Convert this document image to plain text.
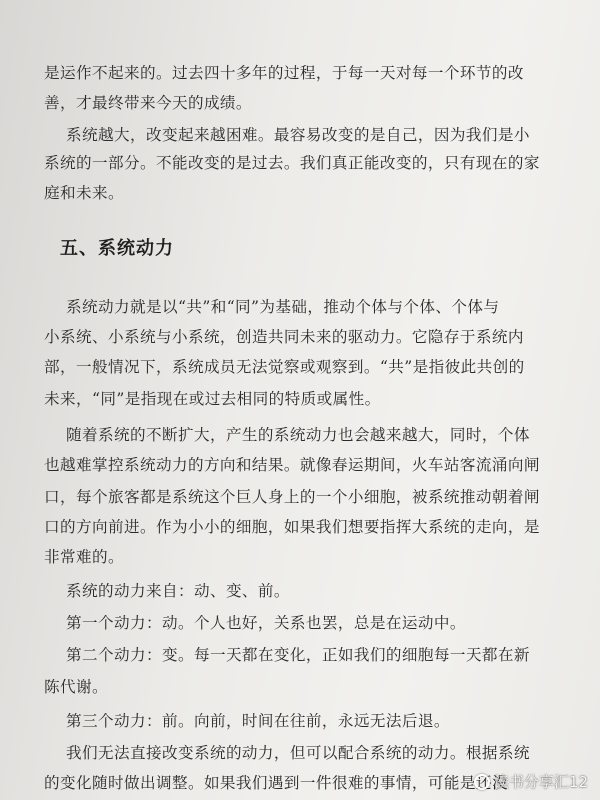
是运作不起来的。过去四十多年的过程，于每一天对每一个环节的改
善，才最终带来今天的成绩。
系统越大，改变起来越困难。最容易改变的是自己，因为我们是小
系统的一部分。不能改变的是过去。我们真正能改变的，只有现在的家
庭和未来。
五、系统动力
系统动力就是以“共”和“同”为基础，推动个体与个体、个体与
小系统、小系统与小系统，创造共同未来的驱动力。它隐存于系统内
部，一般情况下，系统成员无法觉察或观察到。“共”是指彼此共创的
未来，“同”是指现在或过去相同的特质或属性。
随着系统的不断扩大，产生的系统动力也会越来越大，同时，个体
也越难掌控系统动力的方向和结果。就像春运期间，火车站客流涌向闸
口，每个旅客都是系统这个巨人身上的一个小细胞，被系统推动朝着闸
口的方向前进。作为小小的细胞，如果我们想要指挥大系统的走向，是
非常难的。
系统的动力来自：动、变、前。
第一个动力：动。个人也好，关系也罢，总是在运动中。
第二个动力：变。每一天都在变化，正如我们的细胞每一天都在新
陈代谢。
第三个动力：前。向前，时间在往前，永远无法后退。
我们无法直接改变系统的动力，但可以配合系统的动力。根据系统
的变化随时做出调整。如果我们遇到一件很难的事情，可能是还没
读书分享汇12
